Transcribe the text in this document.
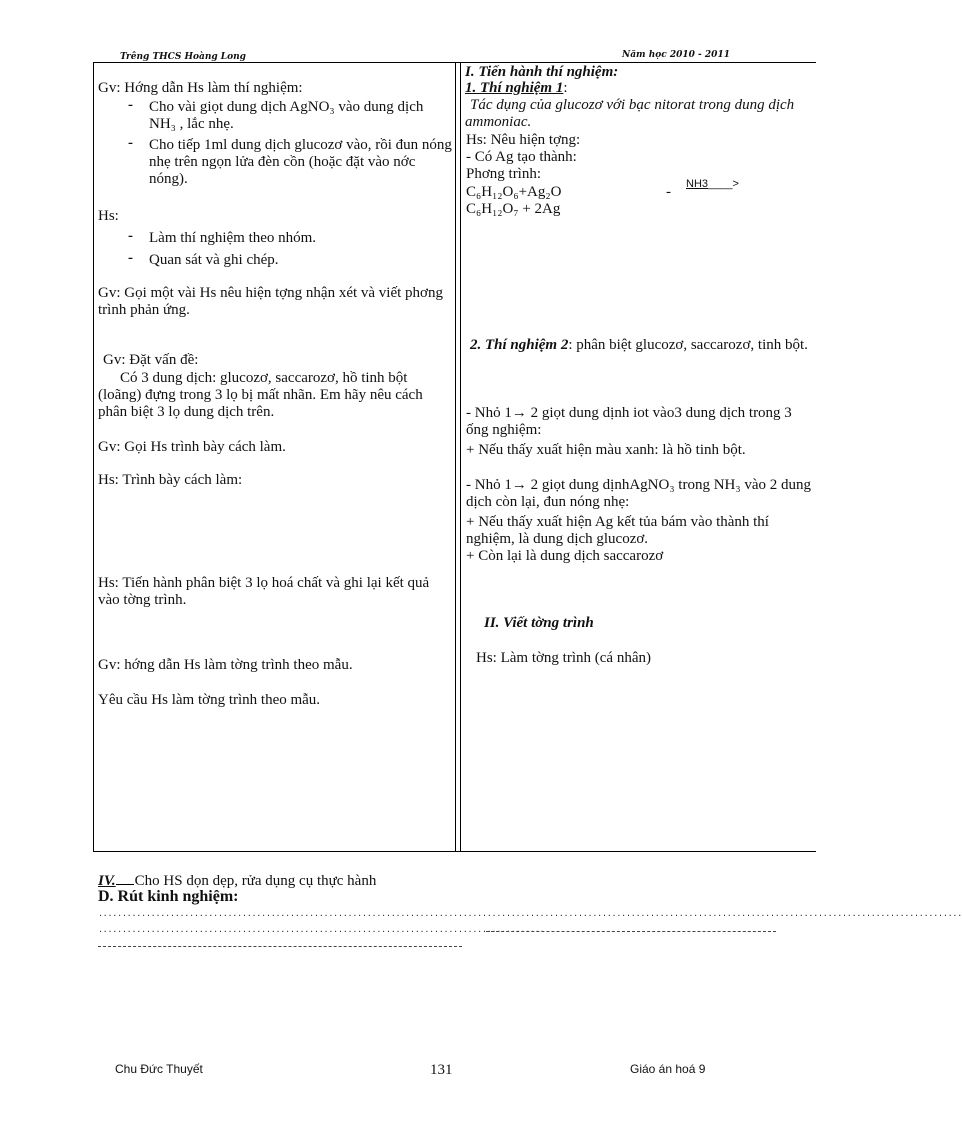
Trêng THCS Hoàng Long	Năm học 2010 - 2011
Gv: Hớng dẫn Hs làm thí nghiệm:
- Cho vài giọt dung dịch AgNO₃ vào dung dịch NH₃ , lắc nhẹ.
- Cho tiếp 1ml dung dịch glucozơ vào, rồi đun nóng nhẹ trên ngọn lửa đèn cồn (hoặc đặt vào nớc nóng).
Hs:
- Làm thí nghiệm theo nhóm.
- Quan sát và ghi chép.
Gv: Gọi một vài Hs nêu hiện tợng nhận xét và viết phơng trình phản ứng.
Gv: Đặt vấn đề:
Có 3 dung dịch: glucozơ, saccarozơ, hồ tinh bột (loãng) đựng trong 3 lọ bị mất nhãn. Em hãy nêu cách phân biệt 3 lọ dung dịch trên.
Gv: Gọi Hs trình bày cách làm.
Hs: Trình bày cách làm:
Hs: Tiến hành phân biệt 3 lọ hoá chất và ghi lại kết quả vào tờng trình.
Gv: hớng dẫn Hs làm tờng trình theo mẫu.
Yêu cầu Hs làm tờng trình theo mẫu.
I. Tiến hành thí nghiệm:
1. Thí nghiệm 1:
Tác dụng của glucozơ với bạc nitorat trong dung dịch ammoniac.
Hs: Nêu hiện tợng:
- Có Ag tạo thành:
Phơng trình:
C₆H₁₂O₆+Ag₂O	- NH3____>
C₆H₁₂O₇ + 2Ag
2. Thí nghiệm 2: phân biệt glucozơ, saccarozơ, tinh bột.
- Nhỏ 1→ 2 giọt dung dịnh iot vào3 dung dịch trong 3 ống nghiệm:
+ Nếu thấy xuất hiện màu xanh: là hồ tinh bột.
- Nhỏ 1→ 2 giọt dung dịnhAgNO₃ trong NH₃ vào 2 dung dịch còn lại, đun nóng nhẹ:
+ Nếu thấy xuất hiện Ag kết tủa bám vào thành thí nghiệm, là dung dịch glucozơ.
+ Còn lại là dung dịch saccarozơ
II. Viết tờng trình
Hs: Làm tờng trình (cá nhân)
IV. Cho HS dọn dẹp, rửa dụng cụ thực hành
D. Rút kinh nghiệm:
....................................................................................................................................................................................
.............................................................................................
Chu Đức Thuyết	131	Giáo án hoá 9
